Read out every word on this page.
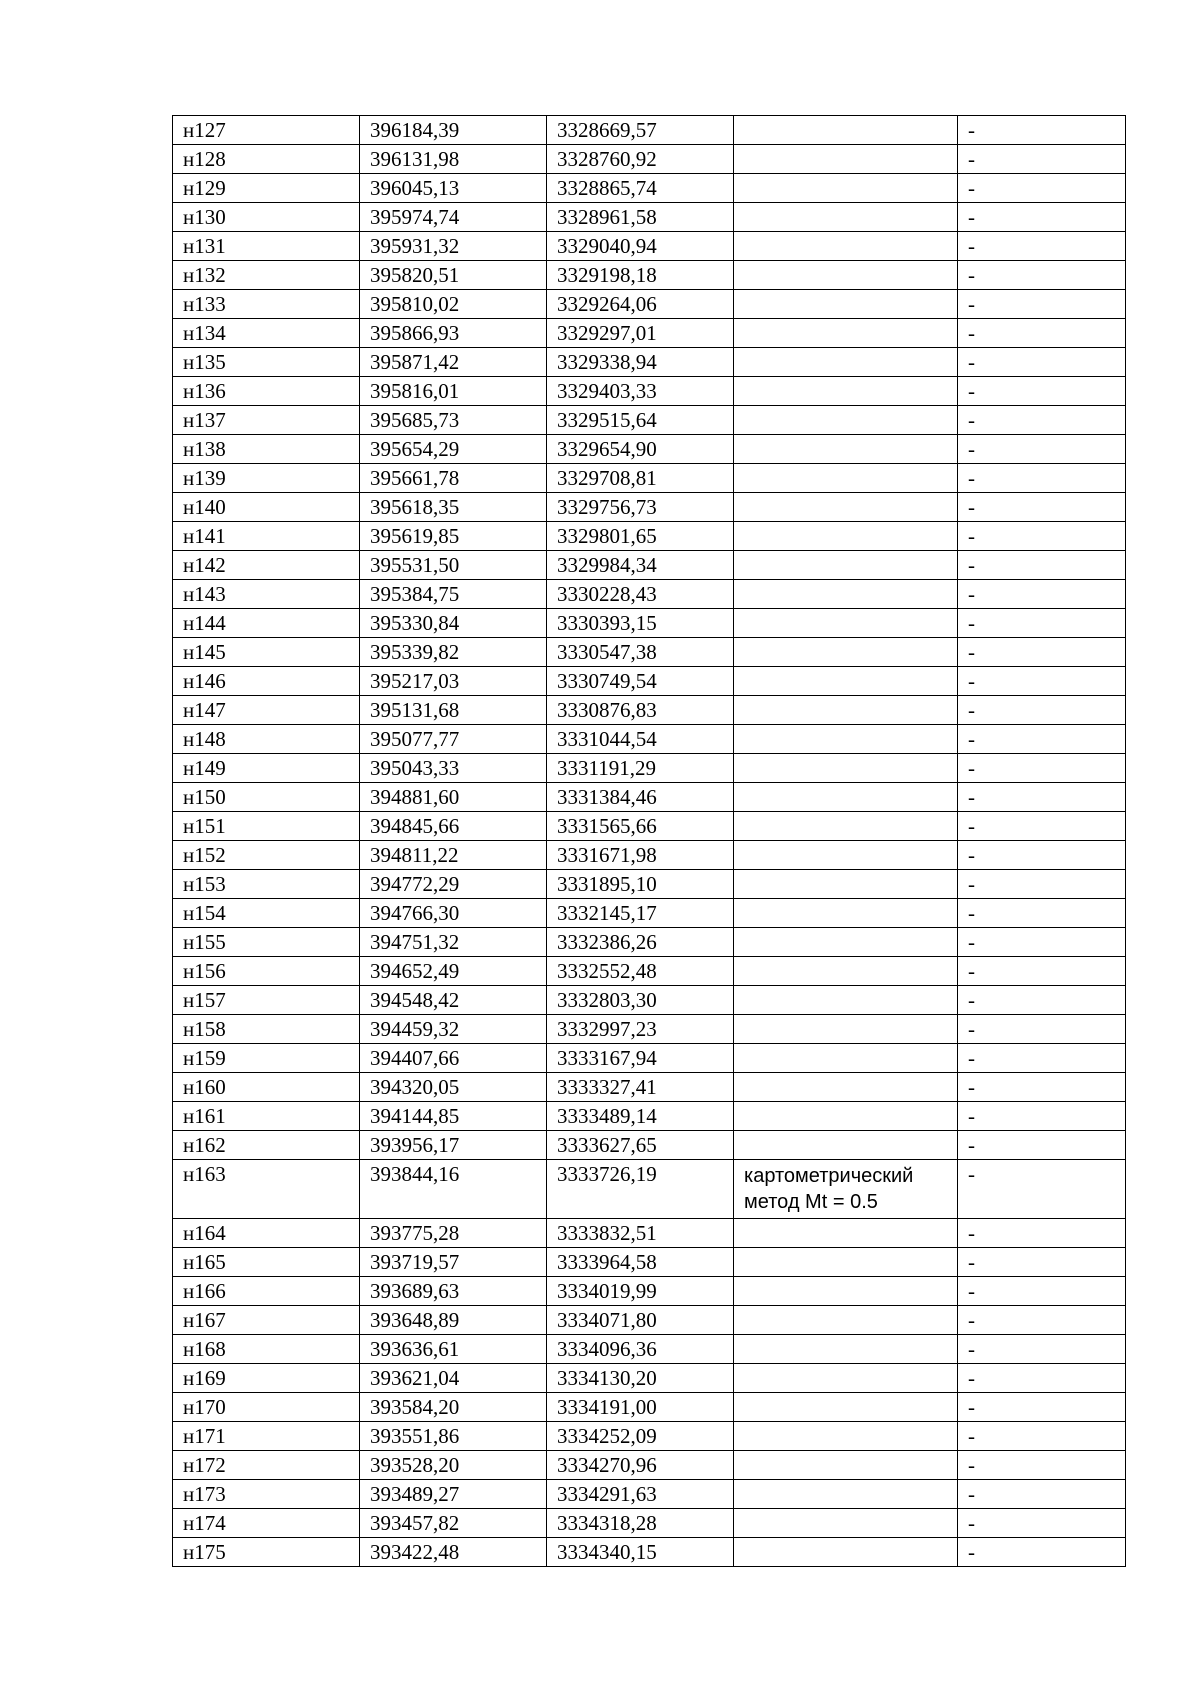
н127	396184,39	3328669,57		-
н128	396131,98	3328760,92		-
н129	396045,13	3328865,74		-
н130	395974,74	3328961,58		-
н131	395931,32	3329040,94		-
н132	395820,51	3329198,18		-
н133	395810,02	3329264,06		-
н134	395866,93	3329297,01		-
н135	395871,42	3329338,94		-
н136	395816,01	3329403,33		-
н137	395685,73	3329515,64		-
н138	395654,29	3329654,90		-
н139	395661,78	3329708,81		-
н140	395618,35	3329756,73		-
н141	395619,85	3329801,65		-
н142	395531,50	3329984,34		-
н143	395384,75	3330228,43		-
н144	395330,84	3330393,15		-
н145	395339,82	3330547,38		-
н146	395217,03	3330749,54		-
н147	395131,68	3330876,83		-
н148	395077,77	3331044,54		-
н149	395043,33	3331191,29		-
н150	394881,60	3331384,46		-
н151	394845,66	3331565,66		-
н152	394811,22	3331671,98		-
н153	394772,29	3331895,10		-
н154	394766,30	3332145,17		-
н155	394751,32	3332386,26		-
н156	394652,49	3332552,48		-
н157	394548,42	3332803,30		-
н158	394459,32	3332997,23		-
н159	394407,66	3333167,94		-
н160	394320,05	3333327,41		-
н161	394144,85	3333489,14		-
н162	393956,17	3333627,65		-
н163	393844,16	3333726,19	картометрический метод Mt = 0.5	-
н164	393775,28	3333832,51		-
н165	393719,57	3333964,58		-
н166	393689,63	3334019,99		-
н167	393648,89	3334071,80		-
н168	393636,61	3334096,36		-
н169	393621,04	3334130,20		-
н170	393584,20	3334191,00		-
н171	393551,86	3334252,09		-
н172	393528,20	3334270,96		-
н173	393489,27	3334291,63		-
н174	393457,82	3334318,28		-
н175	393422,48	3334340,15		-
